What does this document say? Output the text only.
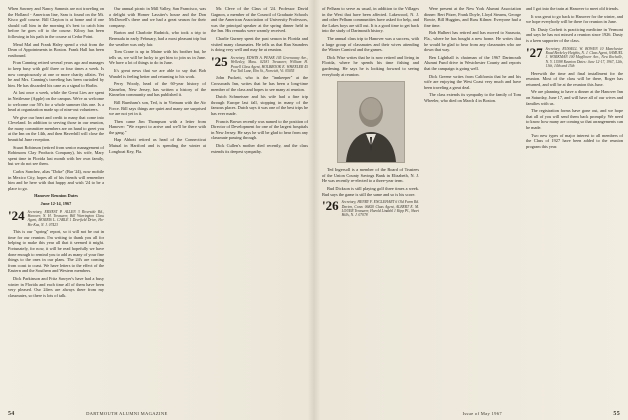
When Sawney and Nancy Sammis are not traveling on the Holland - American line, Sam is found on the Mt. Kisco golf course. Bill Clayton is at home and if one should call him in the morning it's best to catch him before he goes off to the course. Kilroy has been following in his path in the course at Cedar Point.

Mead Mal and Frank Haley spend a visit from the Dean of Appointments in Boston. Frank Hall has been eastbound.

Fran Canning retired several years ago and manages to keep busy with golf three or four times a week. Is now conspicuously at one or more charity affairs. Yet he and Mrs. Canning's traveling has been curtailed by him. He has discarded his cane as a signal to Harlin.

At last once a week, while the Great Lies are spent in Nettlesme (Apple) on the campus. We're as welcome to welcome our 50's for a whole summer this one. Is a head at organization made up of nine-out volunteers.

We give our heart and credit to many that come into Cleveland. In addition to serving those in our reunion, the many committee members are on hand to greet you at the Inn on the 14th, and then Haverhill will close the beautiful June reception.

Stuart Robinson (retired from senior management of Robinsons Clay Products Company), his wife, Mary spent time in Florida last month with her own family, but we do not see them.

Carlos Sanchez, alias "Doke" (Bar '24), now mobile in Mexico City, hopes all of his friends will remember him and be here with that happy and wish '24 to be a place to go.

Hanover Reunion Dates

June 12-14, 1967

'24 Secretary, ERNEST P. ALLEN 3 Riverside Rd., Hanover, N. H. Treasurer, Bill Warrington Class Agent, MORRIS L. CARLE 1 Deerfield Drive, Ho-Ho-Kus, N. J. 07423

This is our "spring" report, so it will not be out in time for our reunion. I'm writing to thank you all for helping to make this year all that it seemed it might. Fortunately, for now, it will be read hopefully we have done enough to remind you to add as many of your fine things to the ones in our plans. The 24's are coming from coast to coast. We have letters to the effect of the Eastern and the Southern and Western members.

Dick Parkinson and Fritz Sawyer's have had a busy winter in Florida and each time all of them have been very pleased. Our 24ers are always there from my classmates, so there is lots of talk.

Our annual picnic in Mill Valley, San Francisco, was a delight with Homer Lassiter's house and the Don McDowell's there and we had a great season for their company.

Barton and Charlotte Rudnick, who took a trip to Bermuda in early February, had a most pleasant trip but the weather was only fair.

Tom Crane is up in Maine with his brother but, he tells us, we will be lucky to get him to join us in June. We have a lot of things to do in June.

It's great news that we are able to say that Bob Wandel is feeling better and returning to his work.

Perry Woody, head of the 60-year history of Kinnelon, New Jersey, has written a history of the Kinnelon community and has published it.

Bill Burnham's son, Ted, is in Vietnam with the Air Force. Bill says things are quiet and many are surprised we are not yet in it.

Then came Jim Thompson with a letter from Hanover: "We expect to arrive and we'll be there with the gang."

Hap Abbott retired as head of the Connecticut Mutual in Hartford and is spending the winter at Longboat Key, Fla.

Mr. Cleve of the Class of '24. Professor David Gagnon, a member of the Council of Graduate Schools and the American Association of University Professors, was the principal speaker at the spring dinner held in the Inn. His remarks were warmly received.

Charlie Gurney spent the past season in Florida and visited many classmates. He tells us that Ran Saunders is doing very well and may be at reunion.

'25 Secretary, EDWIN A. PEASE 105 Greenaway Ave., Wellesley, Mass. 02181 Treasurer, William H. Powell Class Agent, HOLBROOK E. WHEELER 45 Fox Tail Lane, Elm St., Norwich, Vt. 05055

John Puckett, who is the "innkeeper" at the Crossroads Inn, writes that he has been a long-time member of the class and hopes to see many at reunion.

Dutch Schmeisser and his wife had a fine trip through Europe last fall, stopping in many of the famous places. Dutch says it was one of the best trips he has ever made.

Francis Brown recently was named to the position of Director of Development for one of the largest hospitals in New Jersey. He says he will be glad to hear from any classmate passing through.

Dick Cullen's mother died recently, and the class extends its deepest sympathy.

54	DARTMOUTH ALUMNI MAGAZINE

of Pelham to serve as usual, in addition to the Villages in the West that have been affected. Lakewood, N. J. and other Pelham communities have asked for help, and the Lakes boys are still out. It is a good time to get back into the study of Dartmouth history.

The annual class trip to Hanover was a success, with a large group of classmates and their wives attending the Winter Carnival and the games.

Dick Wise writes that he is now retired and living in Florida, where he spends his time fishing and gardening. He says he is looking forward to seeing everybody at reunion.

Ted Ingersoll is a member of the Board of Trustees of the Union County Savings Bank in Elizabeth, N. J. He was recently re-elected to a three-year term.

Bud Dickson is still playing golf three times a week. Bud says the game is still the same and so is his score.

'26 Secretary, HENRY F. ENGLEHART 6 Old Farm Rd. Darien, Conn. 06820 Class Agent, ALBERT E. M. LOUER Treasurer, Harold Lindahl 1 Kipp Pl., Short Hills, N. J. 07078

Were present at the New York Alumni Association dinner: Bert Pitzer, Frank Doyle, Lloyd Stearns, George Bowie, Bill Huggins, and Russ Kilmer. Everyone had a fine time.

Bob Hulbert has retired and has moved to Sarasota, Fla., where he has bought a new home. He writes that he would be glad to hear from any classmates who are down that way.

Ben Lighthall is chairman of the 1967 Dartmouth Alumni Fund drive in Westchester County and reports that the campaign is going well.

Dick Greene writes from California that he and his wife are enjoying the West Coast very much and have been traveling a great deal.

The class extends its sympathy to the family of Tom Wheeler, who died on March 4 in Boston.

and I got into the train at Hanover to meet old friends.

It was great to go back to Hanover for the winter, and we hope everybody will be there for reunion in June.

Dr. Dusty Corbett is practicing medicine in Vermont and says he has not missed a reunion since 1926. Dusty is a keen supporter of the class.

'27 Secretary, RUSSELL W. BOWEN 10 Manchester Road Berkeley Heights, N. J. Class Agent, SAMUEL J. WORKMAN 100 Mayflower Ave., New Rochelle, N. Y. 11598 Reunion Dates: June 12-17, 1967, 12th, 13th, 14th and 15th

Herewith the time and final installment for the reunion. Most of the class will be there, Roger has returned, and will be at the reunion this June.

We are planning to have a dinner at the Hanover Inn on Saturday, June 17, and will have all of our wives and families with us.

The registration forms have gone out, and we hope that all of you will send them back promptly. We need to know how many are coming so that arrangements can be made.

Two new types of major interest to all members of the Class of 1927 have been added to the reunion program this year.

Issue of May 1967	55
